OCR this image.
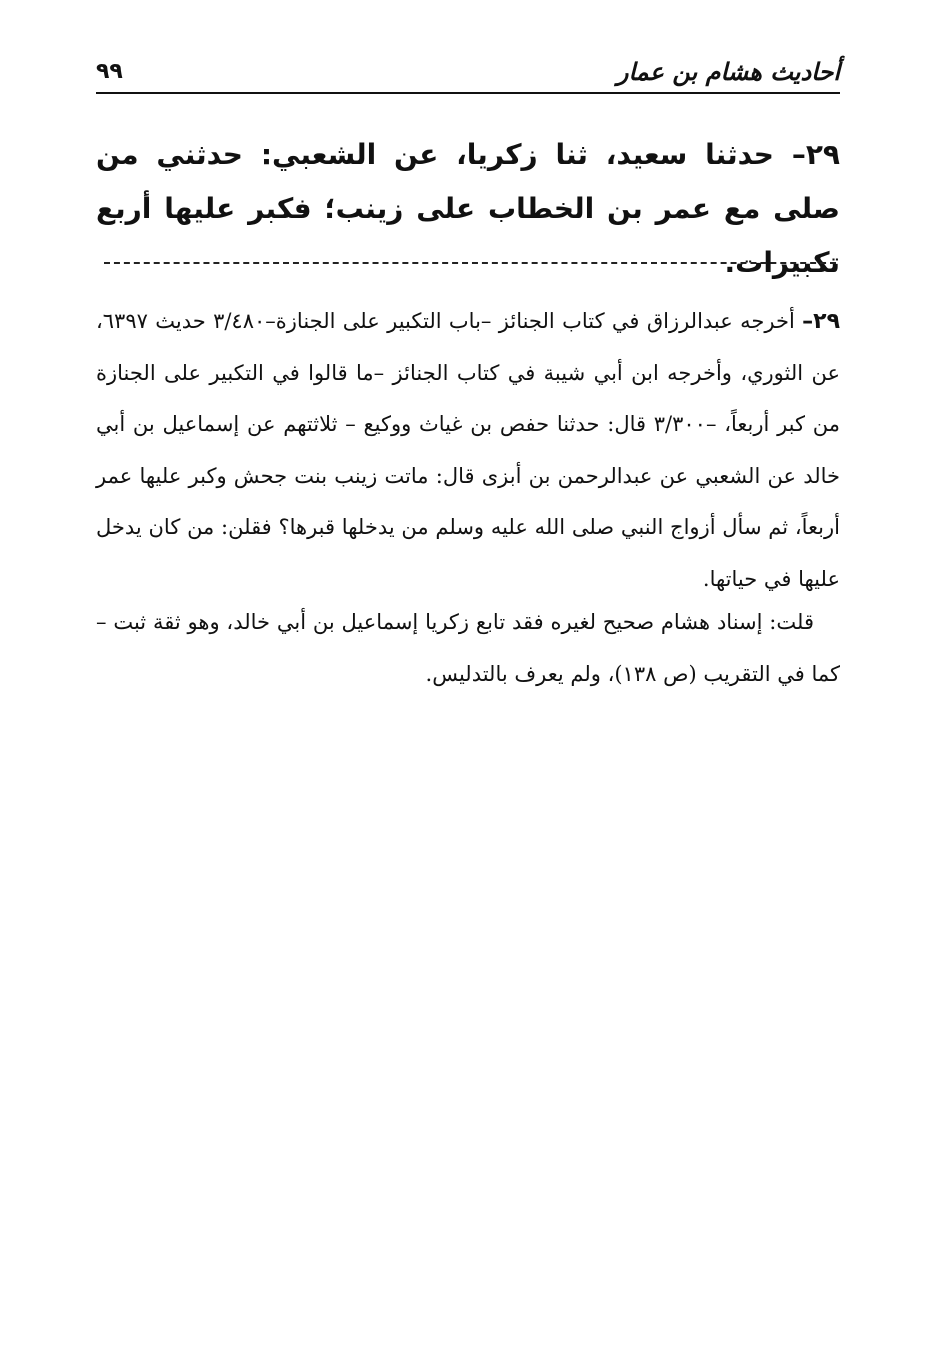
أحاديث هشام بن عمار
٩٩
٢٩– حدثنا سعيد، ثنا زكريا، عن الشعبي: حدثني من صلى مع عمر بن الخطاب على زينب؛ فكبر عليها أربع تكبيرات.
٢٩– أخرجه عبدالرزاق في كتاب الجنائز –باب التكبير على الجنازة–٣/٤٨٠ حديث ٦٣٩٧، عن الثوري، وأخرجه ابن أبي شيبة في كتاب الجنائز –ما قالوا في التكبير على الجنازة من كبر أربعاً، –٣/٣٠٠ قال: حدثنا حفص بن غياث ووكيع – ثلاثتهم عن إسماعيل بن أبي خالد عن الشعبي عن عبدالرحمن بن أبزى قال: ماتت زينب بنت جحش وكبر عليها عمر أربعاً، ثم سأل أزواج النبي صلى الله عليه وسلم من يدخلها قبرها؟ فقلن: من كان يدخل عليها في حياتها.
قلت: إسناد هشام صحيح لغيره فقد تابع زكريا إسماعيل بن أبي خالد، وهو ثقة ثبت –كما في التقريب (ص ١٣٨)، ولم يعرف بالتدليس.
